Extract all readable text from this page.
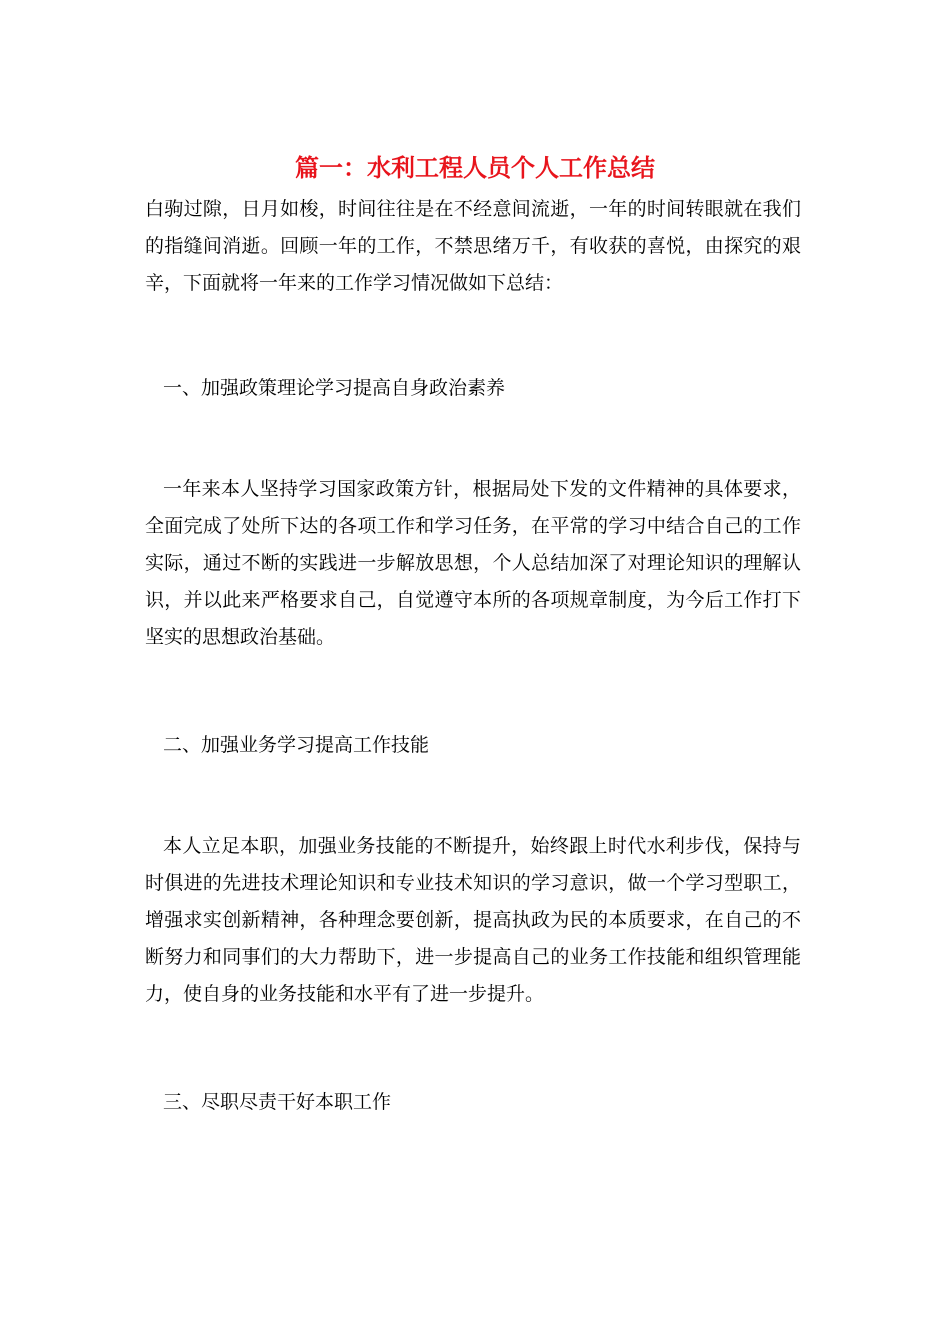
篇一：水利工程人员个人工作总结

白驹过隙，日月如梭，时间往往是在不经意间流逝，一年的时间转眼就在我们的指缝间消逝。回顾一年的工作，不禁思绪万千，有收获的喜悦，由探究的艰辛，下面就将一年来的工作学习情况做如下总结：

一、加强政策理论学习提高自身政治素养

一年来本人坚持学习国家政策方针，根据局处下发的文件精神的具体要求，全面完成了处所下达的各项工作和学习任务，在平常的学习中结合自己的工作实际，通过不断的实践进一步解放思想，个人总结加深了对理论知识的理解认识，并以此来严格要求自己，自觉遵守本所的各项规章制度，为今后工作打下坚实的思想政治基础。

二、加强业务学习提高工作技能

本人立足本职，加强业务技能的不断提升，始终跟上时代水利步伐，保持与时俱进的先进技术理论知识和专业技术知识的学习意识，做一个学习型职工，增强求实创新精神，各种理念要创新，提高执政为民的本质要求，在自己的不断努力和同事们的大力帮助下，进一步提高自己的业务工作技能和组织管理能力，使自身的业务技能和水平有了进一步提升。

三、尽职尽责干好本职工作
